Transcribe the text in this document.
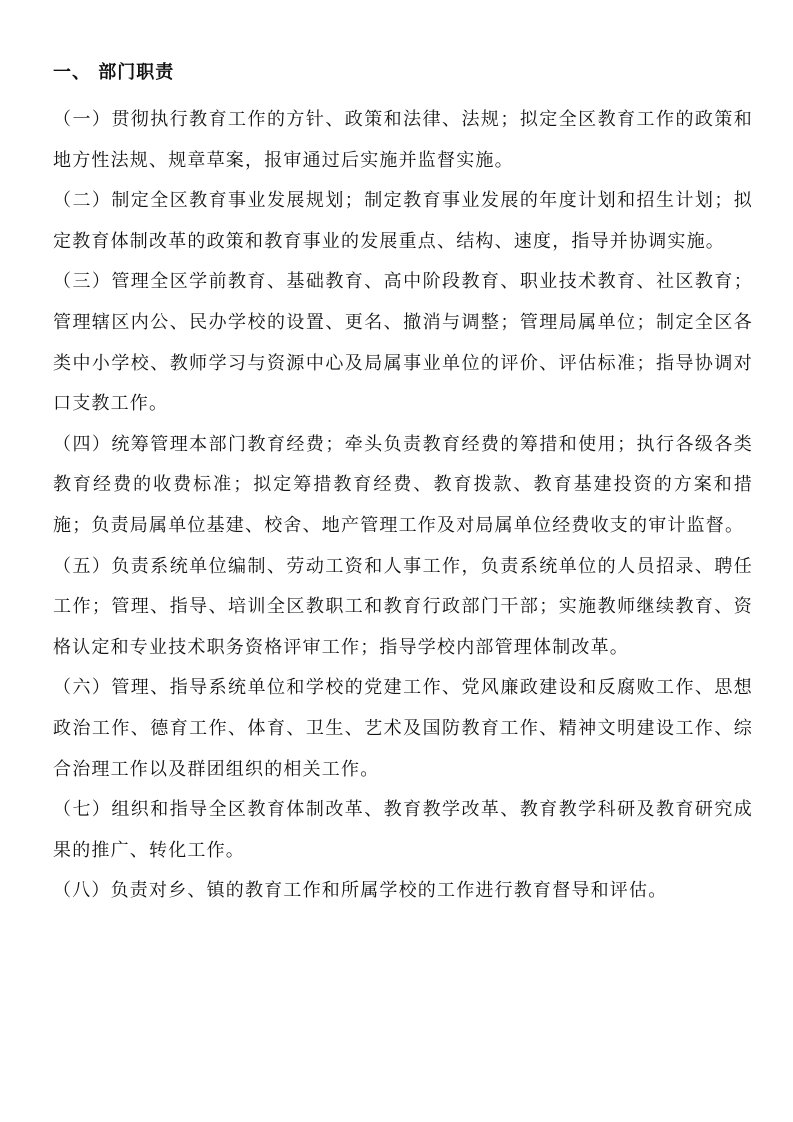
一、 部门职责

（一）贯彻执行教育工作的方针、政策和法律、法规；拟定全区教育工作的政策和地方性法规、规章草案，报审通过后实施并监督实施。

（二）制定全区教育事业发展规划；制定教育事业发展的年度计划和招生计划；拟定教育体制改革的政策和教育事业的发展重点、结构、速度，指导并协调实施。

（三）管理全区学前教育、基础教育、高中阶段教育、职业技术教育、社区教育；管理辖区内公、民办学校的设置、更名、撤消与调整；管理局属单位；制定全区各类中小学校、教师学习与资源中心及局属事业单位的评价、评估标准；指导协调对口支教工作。

（四）统筹管理本部门教育经费；牵头负责教育经费的筹措和使用；执行各级各类教育经费的收费标准；拟定筹措教育经费、教育拨款、教育基建投资的方案和措施；负责局属单位基建、校舍、地产管理工作及对局属单位经费收支的审计监督。

（五）负责系统单位编制、劳动工资和人事工作，负责系统单位的人员招录、聘任工作；管理、指导、培训全区教职工和教育行政部门干部；实施教师继续教育、资格认定和专业技术职务资格评审工作；指导学校内部管理体制改革。

（六）管理、指导系统单位和学校的党建工作、党风廉政建设和反腐败工作、思想政治工作、德育工作、体育、卫生、艺术及国防教育工作、精神文明建设工作、综合治理工作以及群团组织的相关工作。

（七）组织和指导全区教育体制改革、教育教学改革、教育教学科研及教育研究成果的推广、转化工作。

（八）负责对乡、镇的教育工作和所属学校的工作进行教育督导和评估。
